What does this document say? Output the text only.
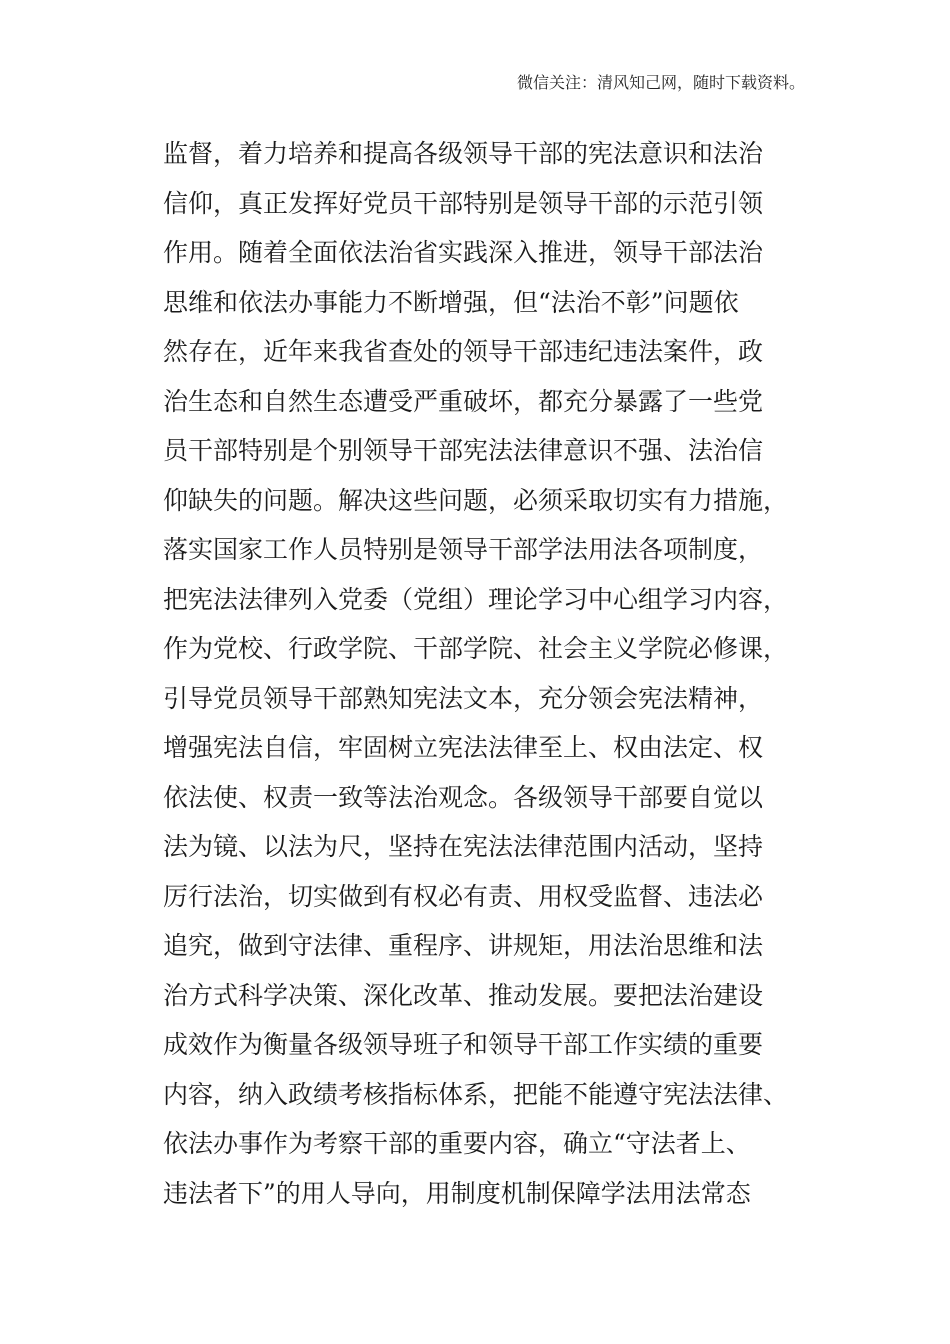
微信关注：清风知己网，随时下载资料。
监督，着力培养和提高各级领导干部的宪法意识和法治
信仰，真正发挥好党员干部特别是领导干部的示范引领
作用。随着全面依法治省实践深入推进，领导干部法治
思维和依法办事能力不断增强，但“法治不彰”问题依
然存在，近年来我省查处的领导干部违纪违法案件，政
治生态和自然生态遭受严重破坏，都充分暴露了一些党
员干部特别是个别领导干部宪法法律意识不强、法治信
仰缺失的问题。解决这些问题，必须采取切实有力措施，
落实国家工作人员特别是领导干部学法用法各项制度，
把宪法法律列入党委（党组）理论学习中心组学习内容，
作为党校、行政学院、干部学院、社会主义学院必修课，
引导党员领导干部熟知宪法文本，充分领会宪法精神，
增强宪法自信，牢固树立宪法法律至上、权由法定、权
依法使、权责一致等法治观念。各级领导干部要自觉以
法为镜、以法为尺，坚持在宪法法律范围内活动，坚持
厉行法治，切实做到有权必有责、用权受监督、违法必
追究，做到守法律、重程序、讲规矩，用法治思维和法
治方式科学决策、深化改革、推动发展。要把法治建设
成效作为衡量各级领导班子和领导干部工作实绩的重要
内容，纳入政绩考核指标体系，把能不能遵守宪法法律、
依法办事作为考察干部的重要内容，确立“守法者上、
违法者下”的用人导向，用制度机制保障学法用法常态
